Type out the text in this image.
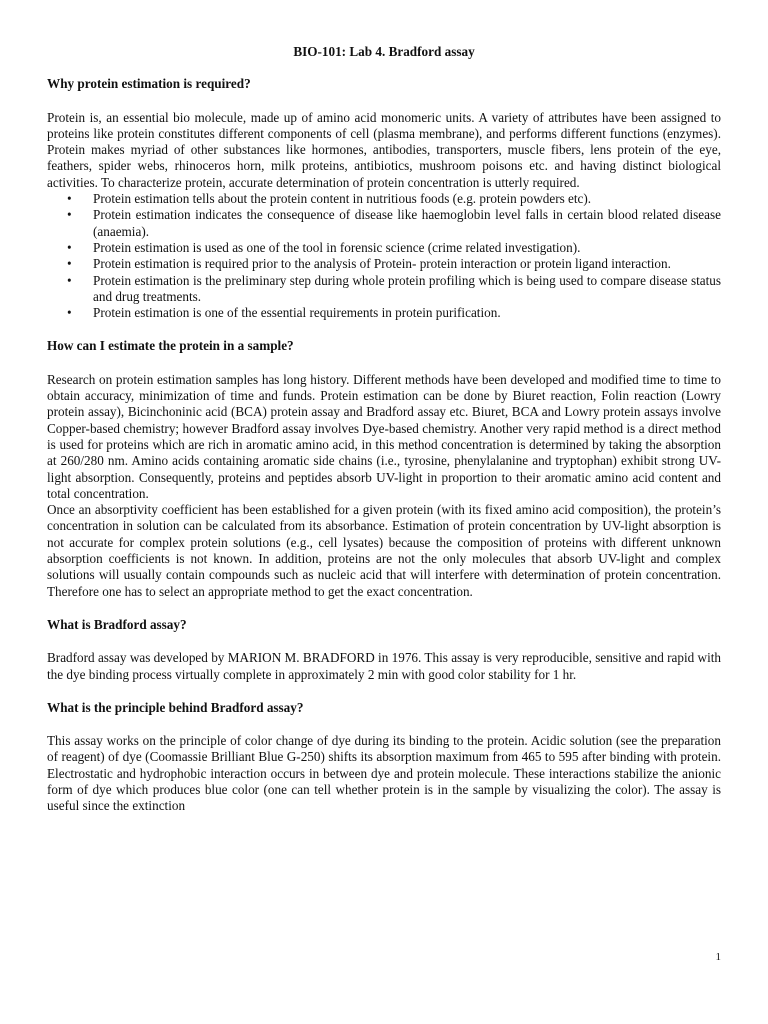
BIO-101: Lab 4. Bradford assay
Why protein estimation is required?

Protein is, an essential bio molecule, made up of amino acid monomeric units. A variety of attributes have been assigned to proteins like protein constitutes different components of cell (plasma membrane), and performs different functions (enzymes). Protein makes myriad of other substances like hormones, antibodies, transporters, muscle fibers, lens protein of the eye, feathers, spider webs, rhinoceros horn, milk proteins, antibiotics, mushroom poisons etc. and having distinct biological activities. To characterize protein, accurate determination of protein concentration is utterly required.

• Protein estimation tells about the protein content in nutritious foods (e.g. protein powders etc).
• Protein estimation indicates the consequence of disease like haemoglobin level falls in certain blood related disease (anaemia).
• Protein estimation is used as one of the tool in forensic science (crime related investigation).
• Protein estimation is required prior to the analysis of Protein- protein interaction or protein ligand interaction.
• Protein estimation is the preliminary step during whole protein profiling which is being used to compare disease status and drug treatments.
• Protein estimation is one of the essential requirements in protein purification.
How can I estimate the protein in a sample?

Research on protein estimation samples has long history. Different methods have been developed and modified time to time to obtain accuracy, minimization of time and funds. Protein estimation can be done by Biuret reaction, Folin reaction (Lowry protein assay), Bicinchoninic acid (BCA) protein assay and Bradford assay etc. Biuret, BCA and Lowry protein assays involve Copper-based chemistry; however Bradford assay involves Dye-based chemistry. Another very rapid method is a direct method is used for proteins which are rich in aromatic amino acid, in this method concentration is determined by taking the absorption at 260/280 nm. Amino acids containing aromatic side chains (i.e., tyrosine, phenylalanine and tryptophan) exhibit strong UV-light absorption. Consequently, proteins and peptides absorb UV-light in proportion to their aromatic amino acid content and total concentration.

Once an absorptivity coefficient has been established for a given protein (with its fixed amino acid composition), the protein’s concentration in solution can be calculated from its absorbance. Estimation of protein concentration by UV-light absorption is not accurate for complex protein solutions (e.g., cell lysates) because the composition of proteins with different unknown absorption coefficients is not known. In addition, proteins are not the only molecules that absorb UV-light and complex solutions will usually contain compounds such as nucleic acid that will interfere with determination of protein concentration. Therefore one has to select an appropriate method to get the exact concentration.

What is Bradford assay?

Bradford assay was developed by MARION M. BRADFORD in 1976. This assay is very reproducible, sensitive and rapid with the dye binding process virtually complete in approximately 2 min with good color stability for 1 hr.

What is the principle behind Bradford assay?

This assay works on the principle of color change of dye during its binding to the protein. Acidic solution (see the preparation of reagent) of dye (Coomassie Brilliant Blue G-250) shifts its absorption maximum from 465 to 595 after binding with protein. Electrostatic and hydrophobic interaction occurs in between dye and protein molecule. These interactions stabilize the anionic form of dye which produces blue color (one can tell whether protein is in the sample by visualizing the color). The assay is useful since the extinction

1
